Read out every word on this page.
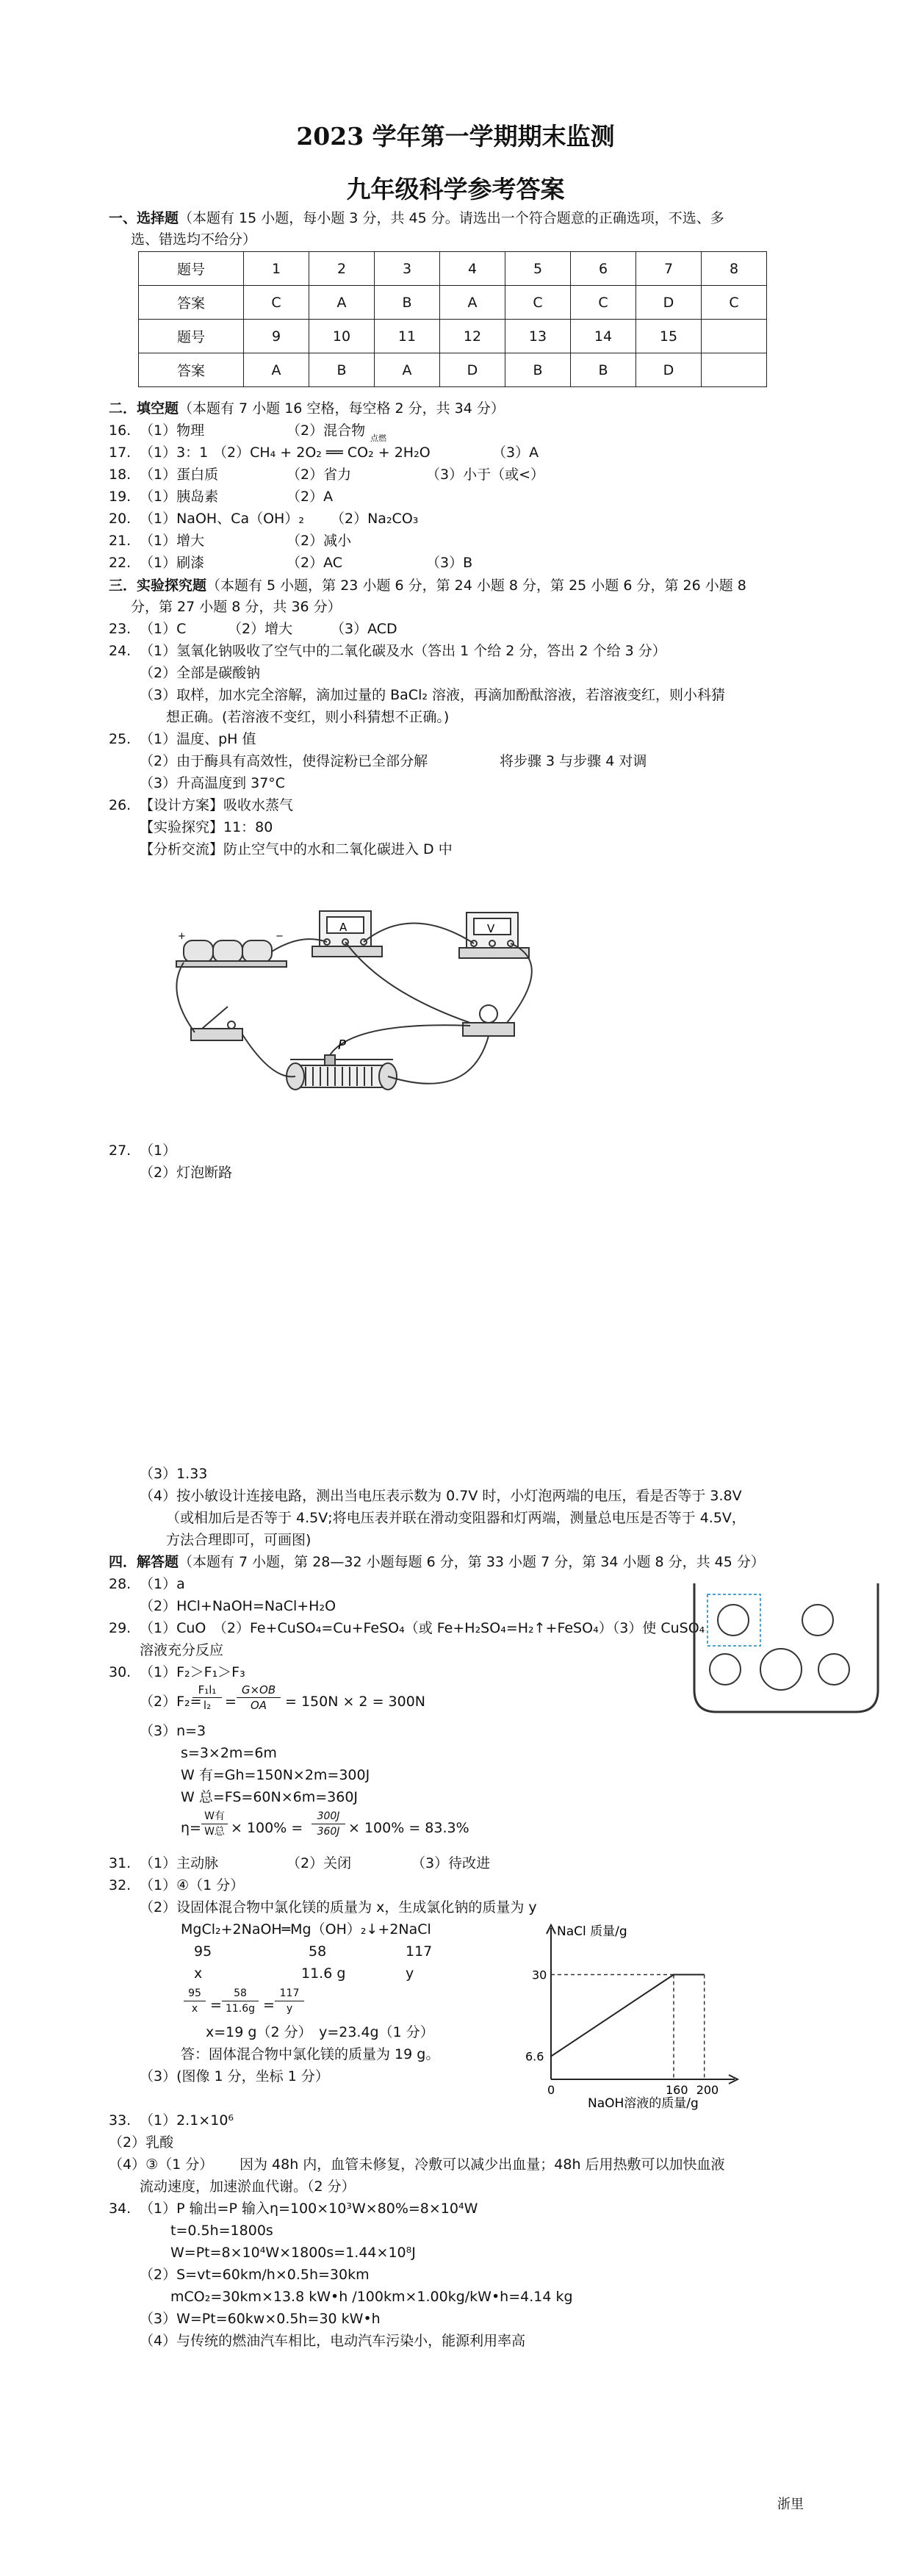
2023 学年第一学期期末监测
九年级科学参考答案
一、选择题（本题有 15 小题，每小题 3 分，共 45 分。请选出一个符合题意的正确选项，不选、多
选、错选均不给分）
题号	1	2	3	4	5	6	7	8
答案	C	A	B	A	C	C	D	C
题号	9	10	11	12	13	14	15	
答案	A	B	A	D	B	B	D	
二．填空题（本题有 7 小题 16 空格，每空格 2 分，共 34 分）
16. （1）物理	（2）混合物
17. （1）3：1 （2）CH₄ + 2O₂ ══ CO₂ + 2H₂O
点燃
（3）A
18. （1）蛋白质	（2）省力	（3）小于（或<）
19. （1）胰岛素	（2）A
20. （1）NaOH、Ca（OH）₂ （2）Na₂CO₃
21. （1）增大	（2）减小
22. （1）刷漆	（2）AC	（3）B
三．实验探究题（本题有 5 小题，第 23 小题 6 分，第 24 小题 8 分，第 25 小题 6 分，第 26 小题 8
分，第 27 小题 8 分，共 36 分）
23. （1）C	（2）增大	（3）ACD
24. （1）氢氧化钠吸收了空气中的二氧化碳及水（答出 1 个给 2 分，答出 2 个给 3 分）
（2）全部是碳酸钠
（3）取样，加水完全溶解，滴加过量的 BaCl₂ 溶液，再滴加酚酞溶液，若溶液变红，则小科猜
想正确。(若溶液不变红，则小科猜想不正确。)
25. （1）温度、pH 值
（2）由于酶具有高效性，使得淀粉已全部分解	将步骤 3 与步骤 4 对调
（3）升高温度到 37°C
26. 【设计方案】吸收水蒸气
【实验探究】11：80
【分析交流】防止空气中的水和二氧化碳进入 D 中
A	V
P
+	−
27. （1）
（2）灯泡断路
（3）1.33
（4）按小敏设计连接电路，测出当电压表示数为 0.7V 时，小灯泡两端的电压，看是否等于 3.8V
（或相加后是否等于 4.5V;将电压表并联在滑动变阻器和灯两端，测量总电压是否等于 4.5V，
方法合理即可，可画图)
四．解答题（本题有 7 小题，第 28—32 小题每题 6 分，第 33 小题 7 分，第 34 小题 8 分，共 45 分）
28. （1）a
（2）HCl+NaOH=NaCl+H₂O
29. （1）CuO　（2）Fe+CuSO₄=Cu+FeSO₄（或 Fe+H₂SO₄=H₂↑+FeSO₄）（3）使 CuSO₄
溶液充分反应
30. （1）F₂＞F₁＞F₃
（2）F₂=
$\frac{\text{F₁l₁}}{\text{l₂}} = \frac{G\times OB}{OA} = 150N \times 2 = 300N$
（3）n=3
s=3×2m=6m
W 有=Gh=150N×2m=300J
W 总=FS=60N×6m=360J
η=
W有
W总 × $100\% = \frac{300J}{360J} \times 100\% = 83.3\%$
31. （1）主动脉	（2）关闭	（3）待改进
32. （1）④（1 分）
（2）设固体混合物中氯化镁的质量为 x，生成氯化钠的质量为 y
MgCl₂+2NaOH═Mg（OH）₂↓+2NaCl
95	58	117
x	11.6 g	y
$\frac{95}{x} = \frac{58}{11.6g} = \frac{117}{y}$
x=19 g（2 分）　y=23.4g（1 分）
答：固体混合物中氯化镁的质量为 19 g。
（3）(图像 1 分，坐标 1 分）
NaCl 质量/g
NaOH溶液的质量/g
0	160 200
6.6
30
33. （1）2.1×10⁶
（2）乳酸
（4）③（1 分） 因为 48h 内，血管未修复，冷敷可以减少出血量；48h 后用热敷可以加快血液
流动速度，加速淤血代谢。（2 分）
34. （1）P 输出=P 输入η=100×10³W×80%=8×10⁴W
t=0.5h=1800s
W=Pt=8×10⁴W×1800s=1.44×10⁸J
（2）S=vt=60km/h×0.5h=30km
mCO₂=30km×13.8 kW•h /100km×1.00kg/kW•h=4.14 kg
（3）W=Pt=60kw×0.5h=30 kW•h
（4）与传统的燃油汽车相比，电动汽车污染小，能源利用率高
浙里
